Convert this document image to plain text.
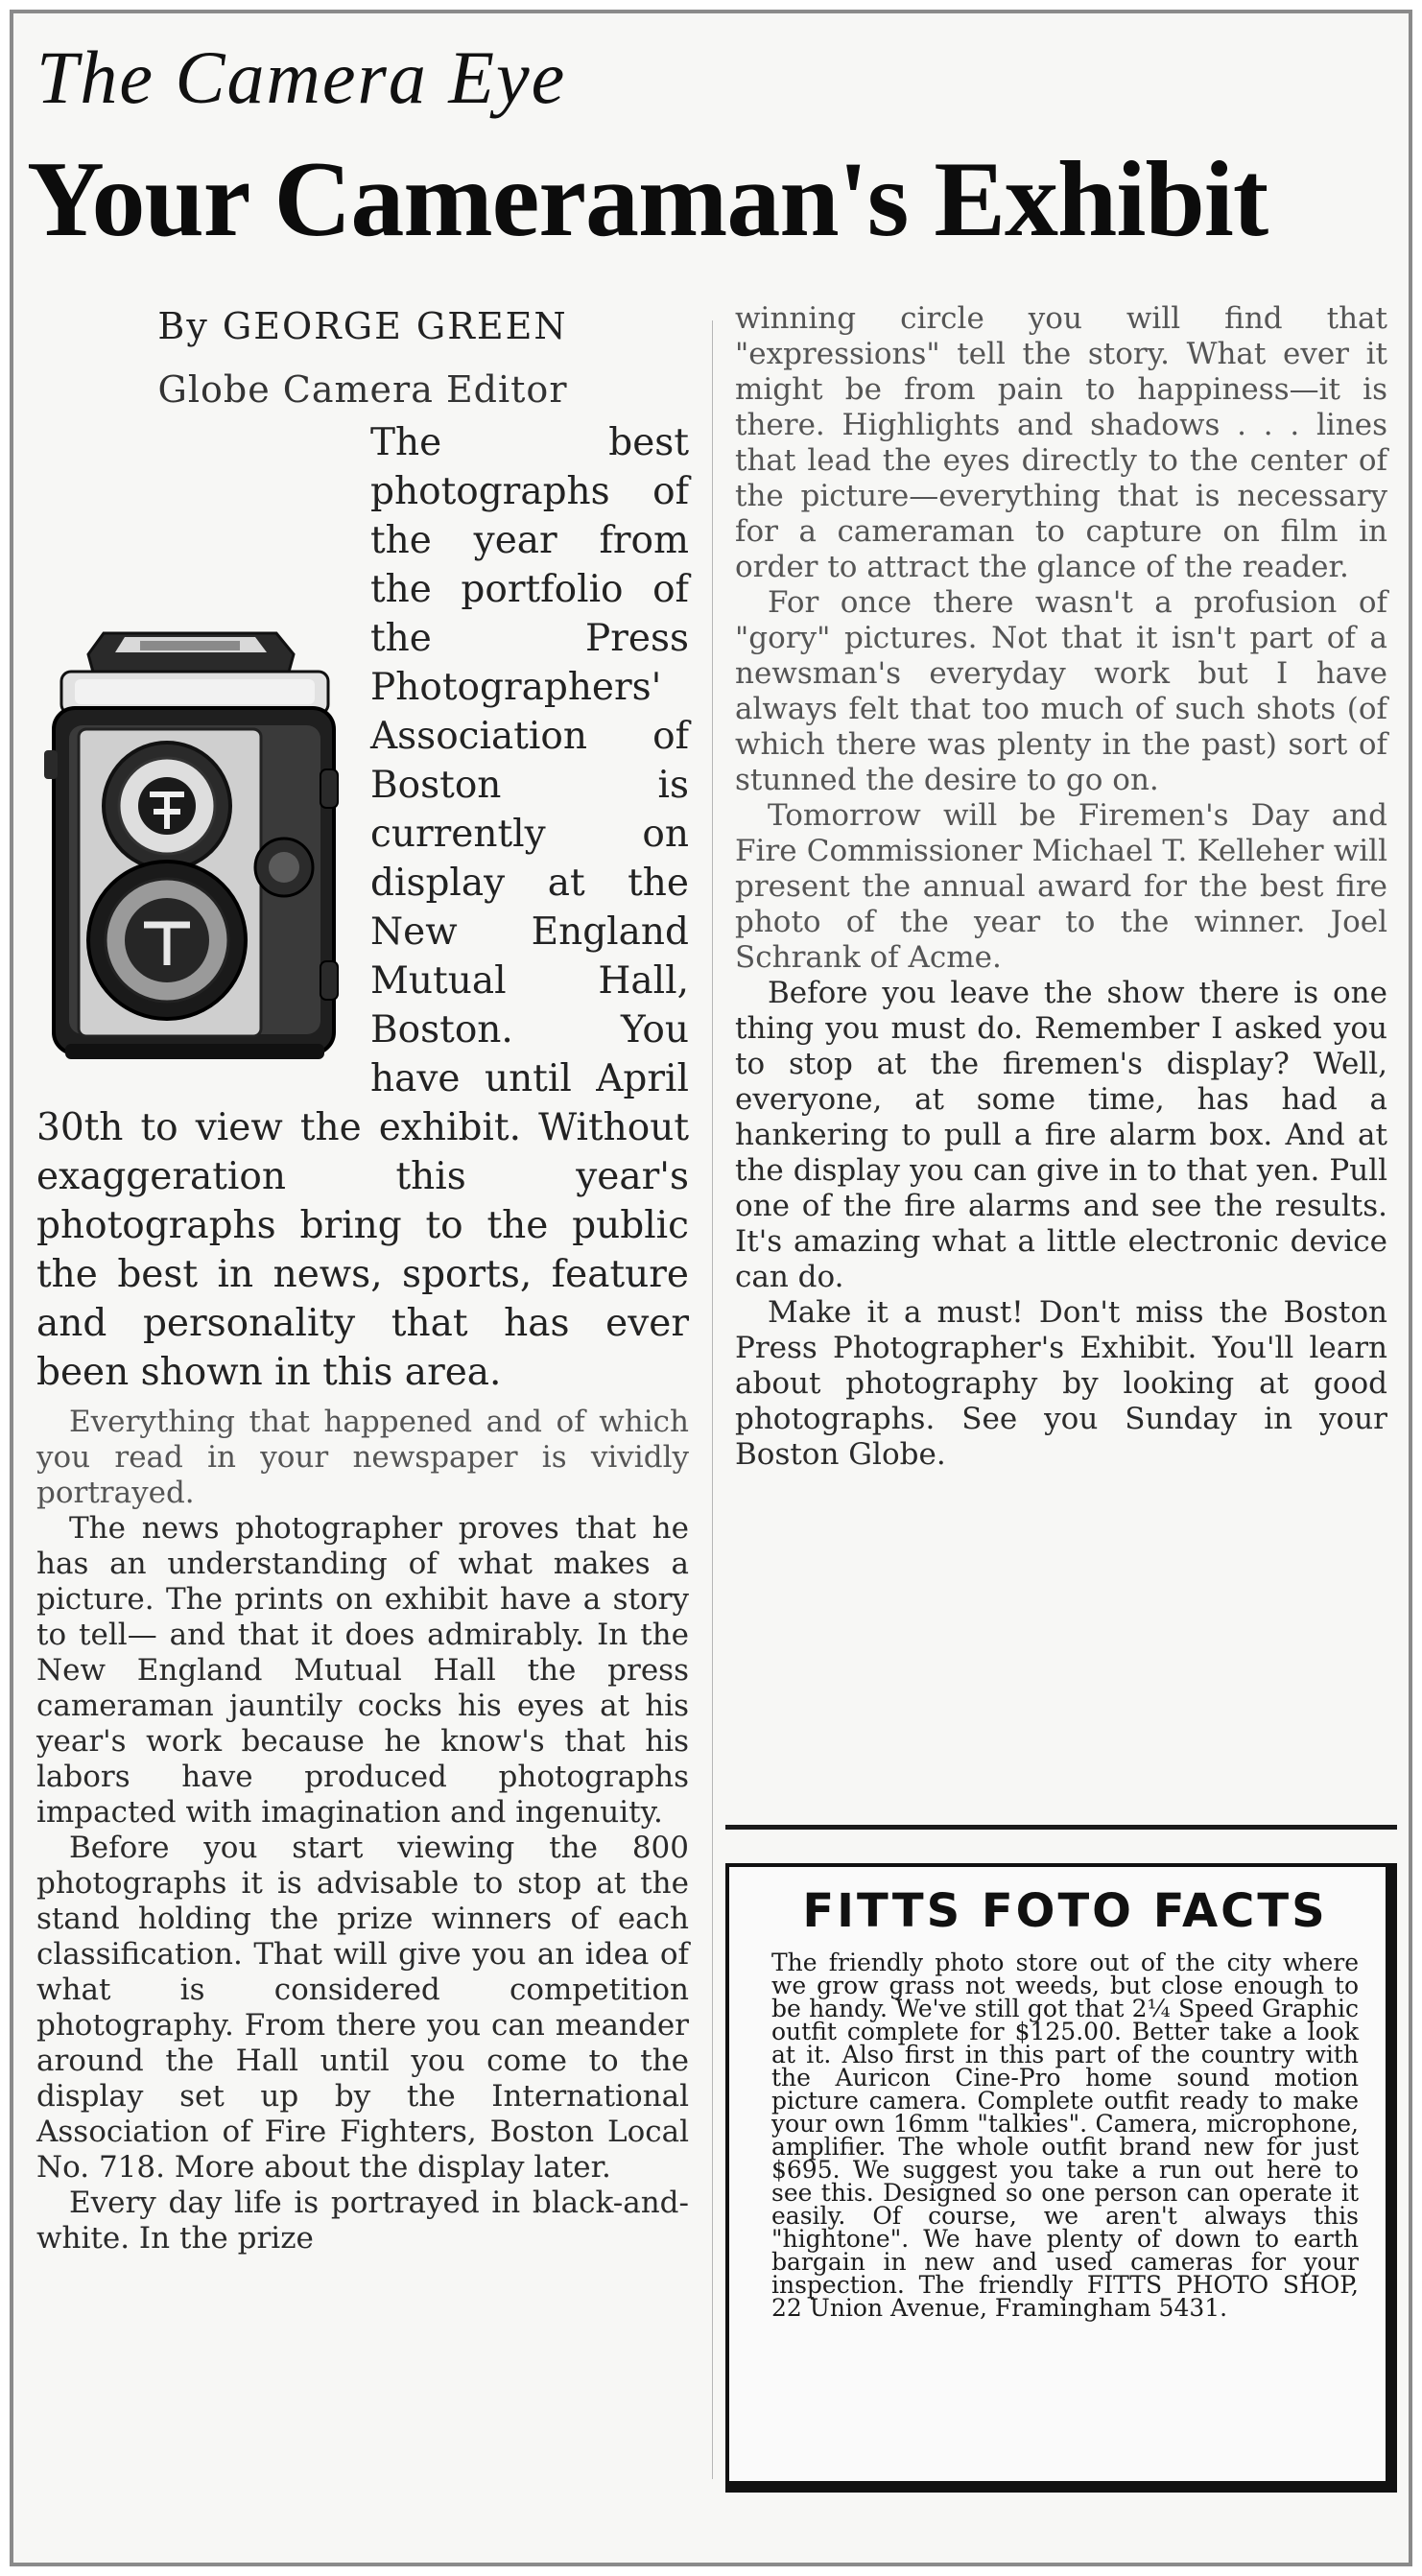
The Camera Eye
Your Cameraman's Exhibit

By GEORGE GREEN

Globe Camera Editor

The best photographs of the year from the portfolio of the Press Photographers' Association of Boston is currently on display at the New England Mutual Hall, Boston. You have until April 30th to view the exhibit. Without exaggeration this year's photographs bring to the public the best in news, sports, feature and personality that has ever been shown in this area.

Everything that happened and of which you read in your newspaper is vividly portrayed.

The news photographer proves that he has an understanding of what makes a picture. The prints on exhibit have a story to tell— and that it does admirably. In the New England Mutual Hall the press cameraman jauntily cocks his eyes at his year's work because he know's that his labors have produced photographs impacted with imagination and ingenuity.

Before you start viewing the 800 photographs it is advisable to stop at the stand holding the prize winners of each classification. That will give you an idea of what is considered competition photography. From there you can meander around the Hall until you come to the display set up by the International Association of Fire Fighters, Boston Local No. 718. More about the display later.

Every day life is portrayed in black-and-white. In the prize

winning circle you will find that "expressions" tell the story. What ever it might be from pain to happiness—it is there. Highlights and shadows . . . lines that lead the eyes directly to the center of the picture—everything that is necessary for a cameraman to capture on film in order to attract the glance of the reader.

For once there wasn't a profusion of "gory" pictures. Not that it isn't part of a newsman's everyday work but I have always felt that too much of such shots (of which there was plenty in the past) sort of stunned the desire to go on.

Tomorrow will be Firemen's Day and Fire Commissioner Michael T. Kelleher will present the annual award for the best fire photo of the year to the winner. Joel Schrank of Acme.

Before you leave the show there is one thing you must do. Remember I asked you to stop at the firemen's display? Well, everyone, at some time, has had a hankering to pull a fire alarm box. And at the display you can give in to that yen. Pull one of the fire alarms and see the results. It's amazing what a little electronic device can do.

Make it a must! Don't miss the Boston Press Photographer's Exhibit. You'll learn about photography by looking at good photographs. See you Sunday in your Boston Globe.

FITTS FOTO FACTS

The friendly photo store out of the city where we grow grass not weeds, but close enough to be handy. We've still got that 2¼ Speed Graphic outfit complete for $125.00. Better take a look at it. Also first in this part of the country with the Auricon Cine-Pro home sound motion picture camera. Complete outfit ready to make your own 16mm "talkies". Camera, microphone, amplifier. The whole outfit brand new for just $695. We suggest you take a run out here to see this. Designed so one person can operate it easily. Of course, we aren't always this "hightone". We have plenty of down to earth bargain in new and used cameras for your inspection. The friendly FITTS PHOTO SHOP, 22 Union Avenue, Framingham 5431.
